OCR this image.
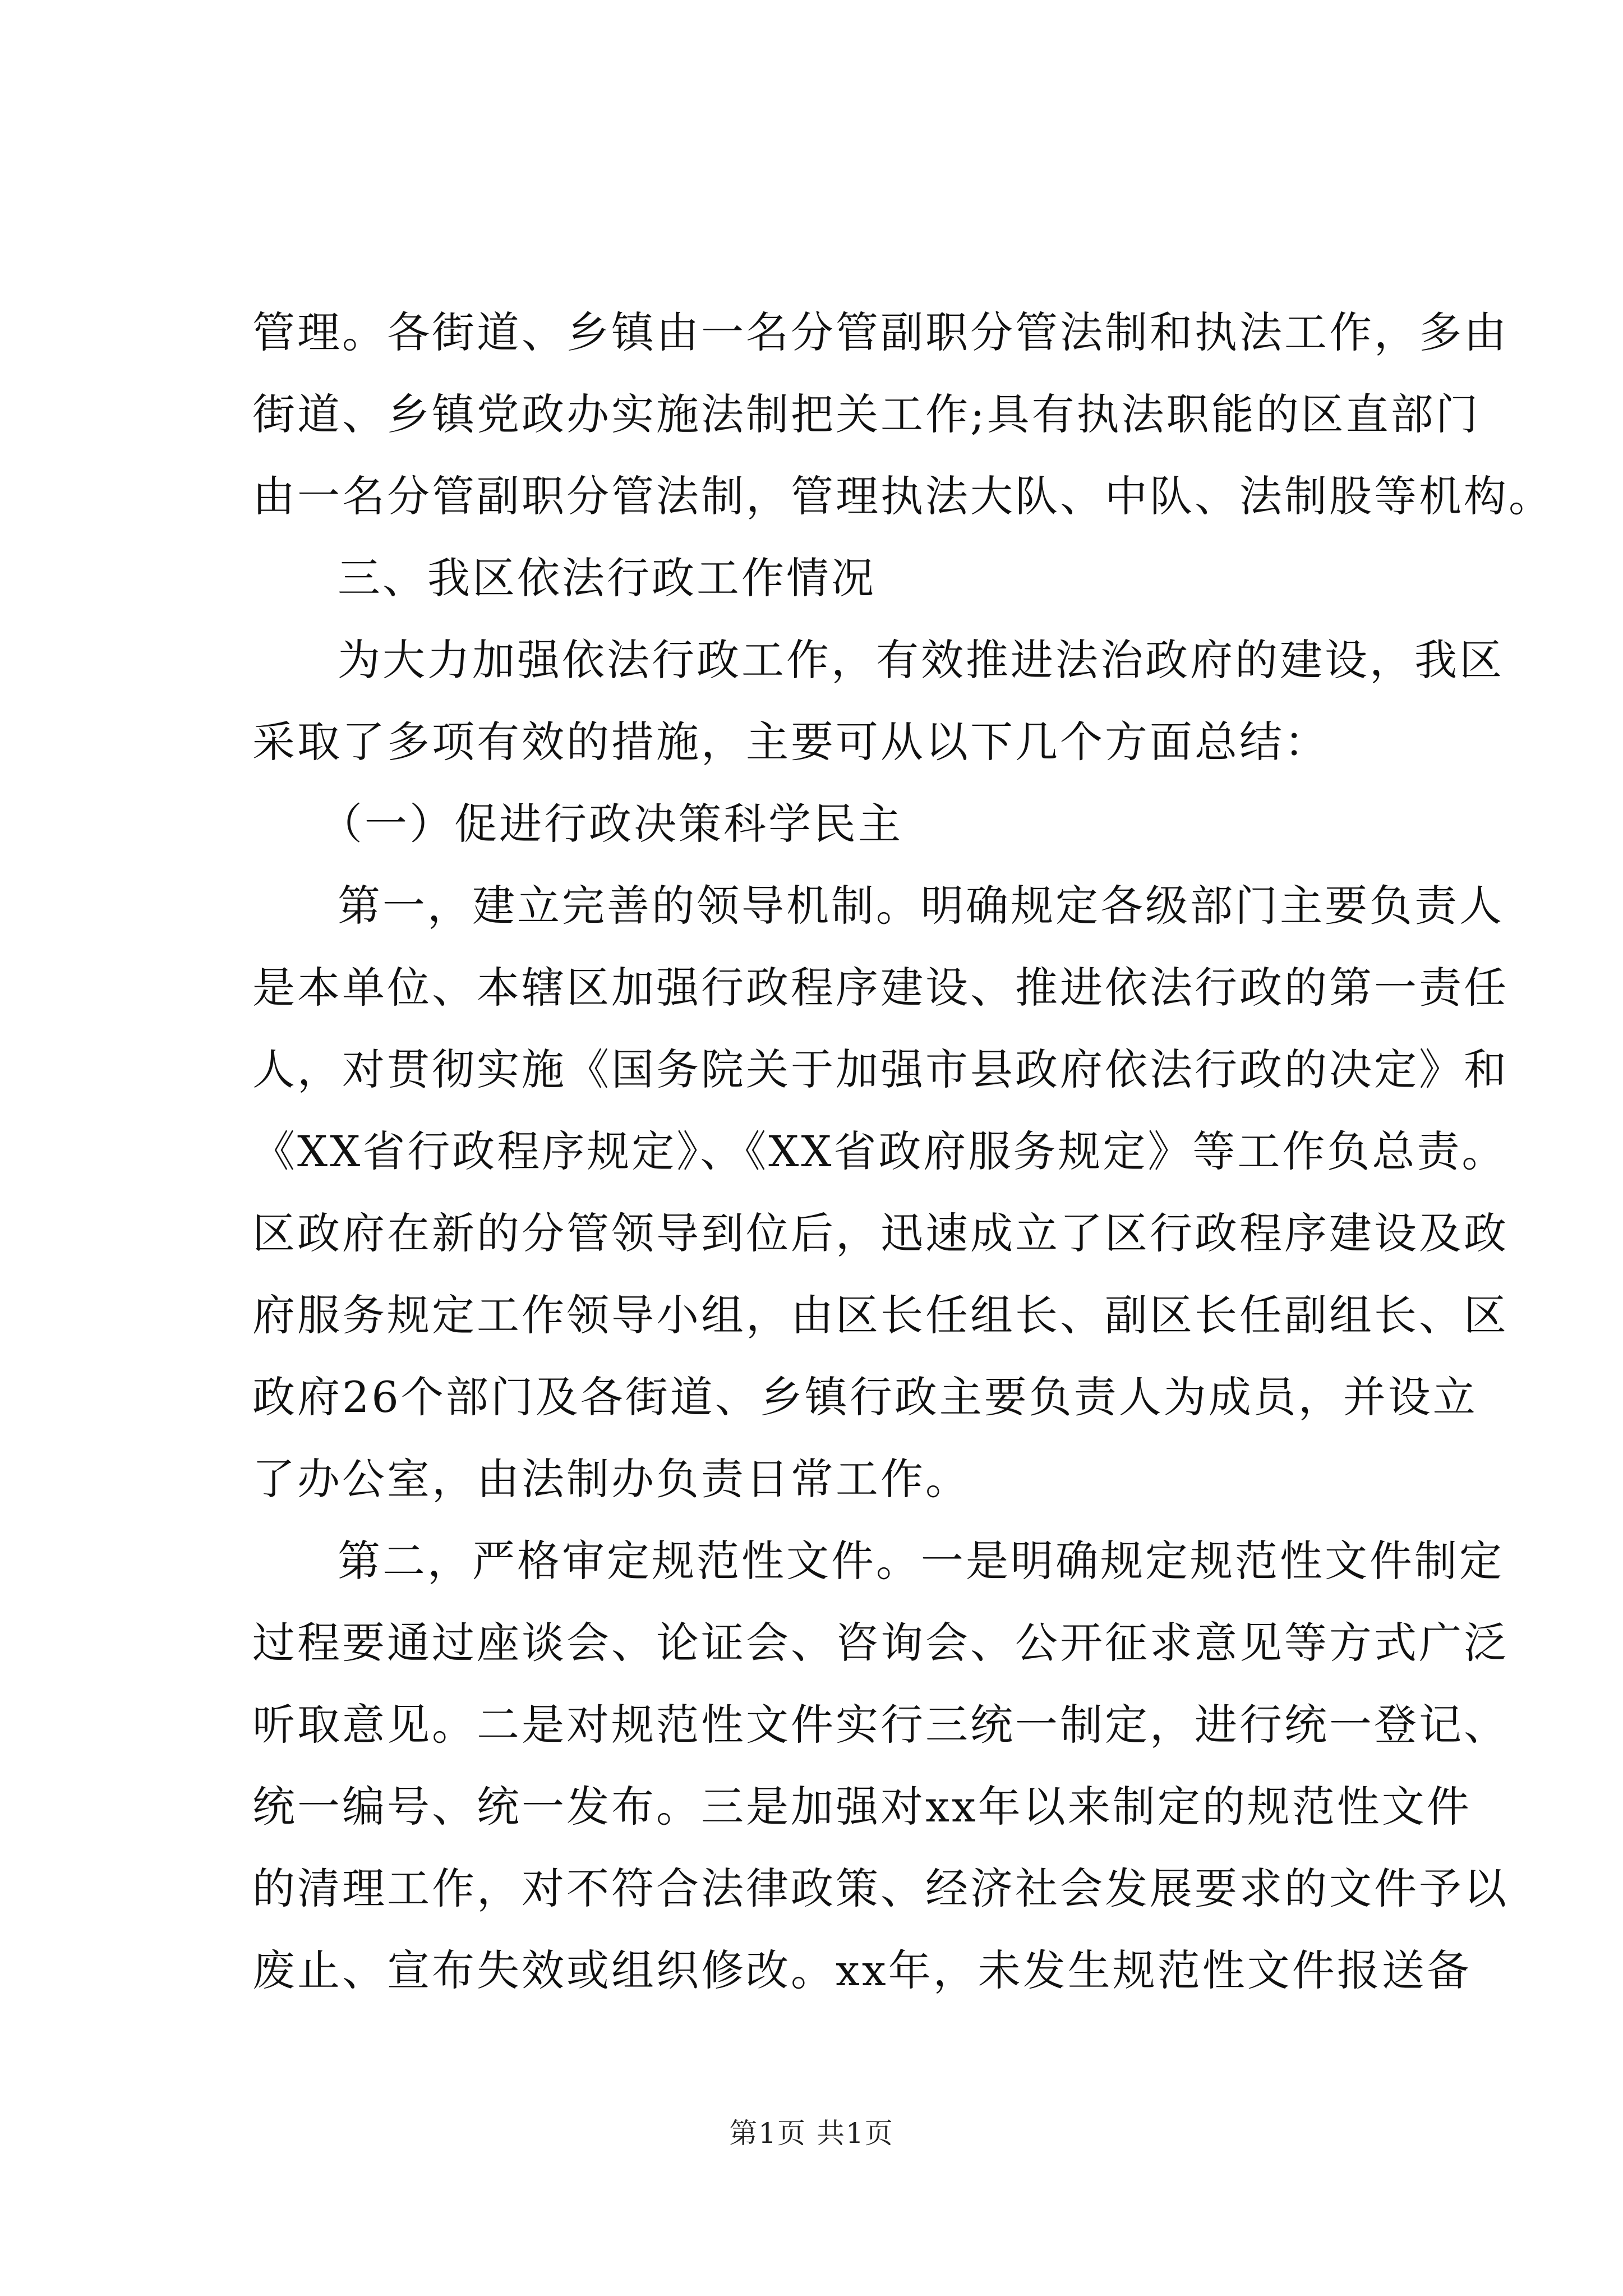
管理。各街道、乡镇由一名分管副职分管法制和执法工作，多由
街道、乡镇党政办实施法制把关工作;具有执法职能的区直部门
由一名分管副职分管法制，管理执法大队、中队、法制股等机构。
三、我区依法行政工作情况
为大力加强依法行政工作，有效推进法治政府的建设，我区
采取了多项有效的措施，主要可从以下几个方面总结：
（一）促进行政决策科学民主
第一，建立完善的领导机制。明确规定各级部门主要负责人
是本单位、本辖区加强行政程序建设、推进依法行政的第一责任
人，对贯彻实施《国务院关于加强市县政府依法行政的决定》和
《XX省行政程序规定》、《XX省政府服务规定》等工作负总责。
区政府在新的分管领导到位后，迅速成立了区行政程序建设及政
府服务规定工作领导小组，由区长任组长、副区长任副组长、区
政府26个部门及各街道、乡镇行政主要负责人为成员，并设立
了办公室，由法制办负责日常工作。
第二，严格审定规范性文件。一是明确规定规范性文件制定
过程要通过座谈会、论证会、咨询会、公开征求意见等方式广泛
听取意见。二是对规范性文件实行三统一制定，进行统一登记、
统一编号、统一发布。三是加强对xx年以来制定的规范性文件
的清理工作，对不符合法律政策、经济社会发展要求的文件予以
废止、宣布失效或组织修改。xx年，未发生规范性文件报送备
第1页 共1页
